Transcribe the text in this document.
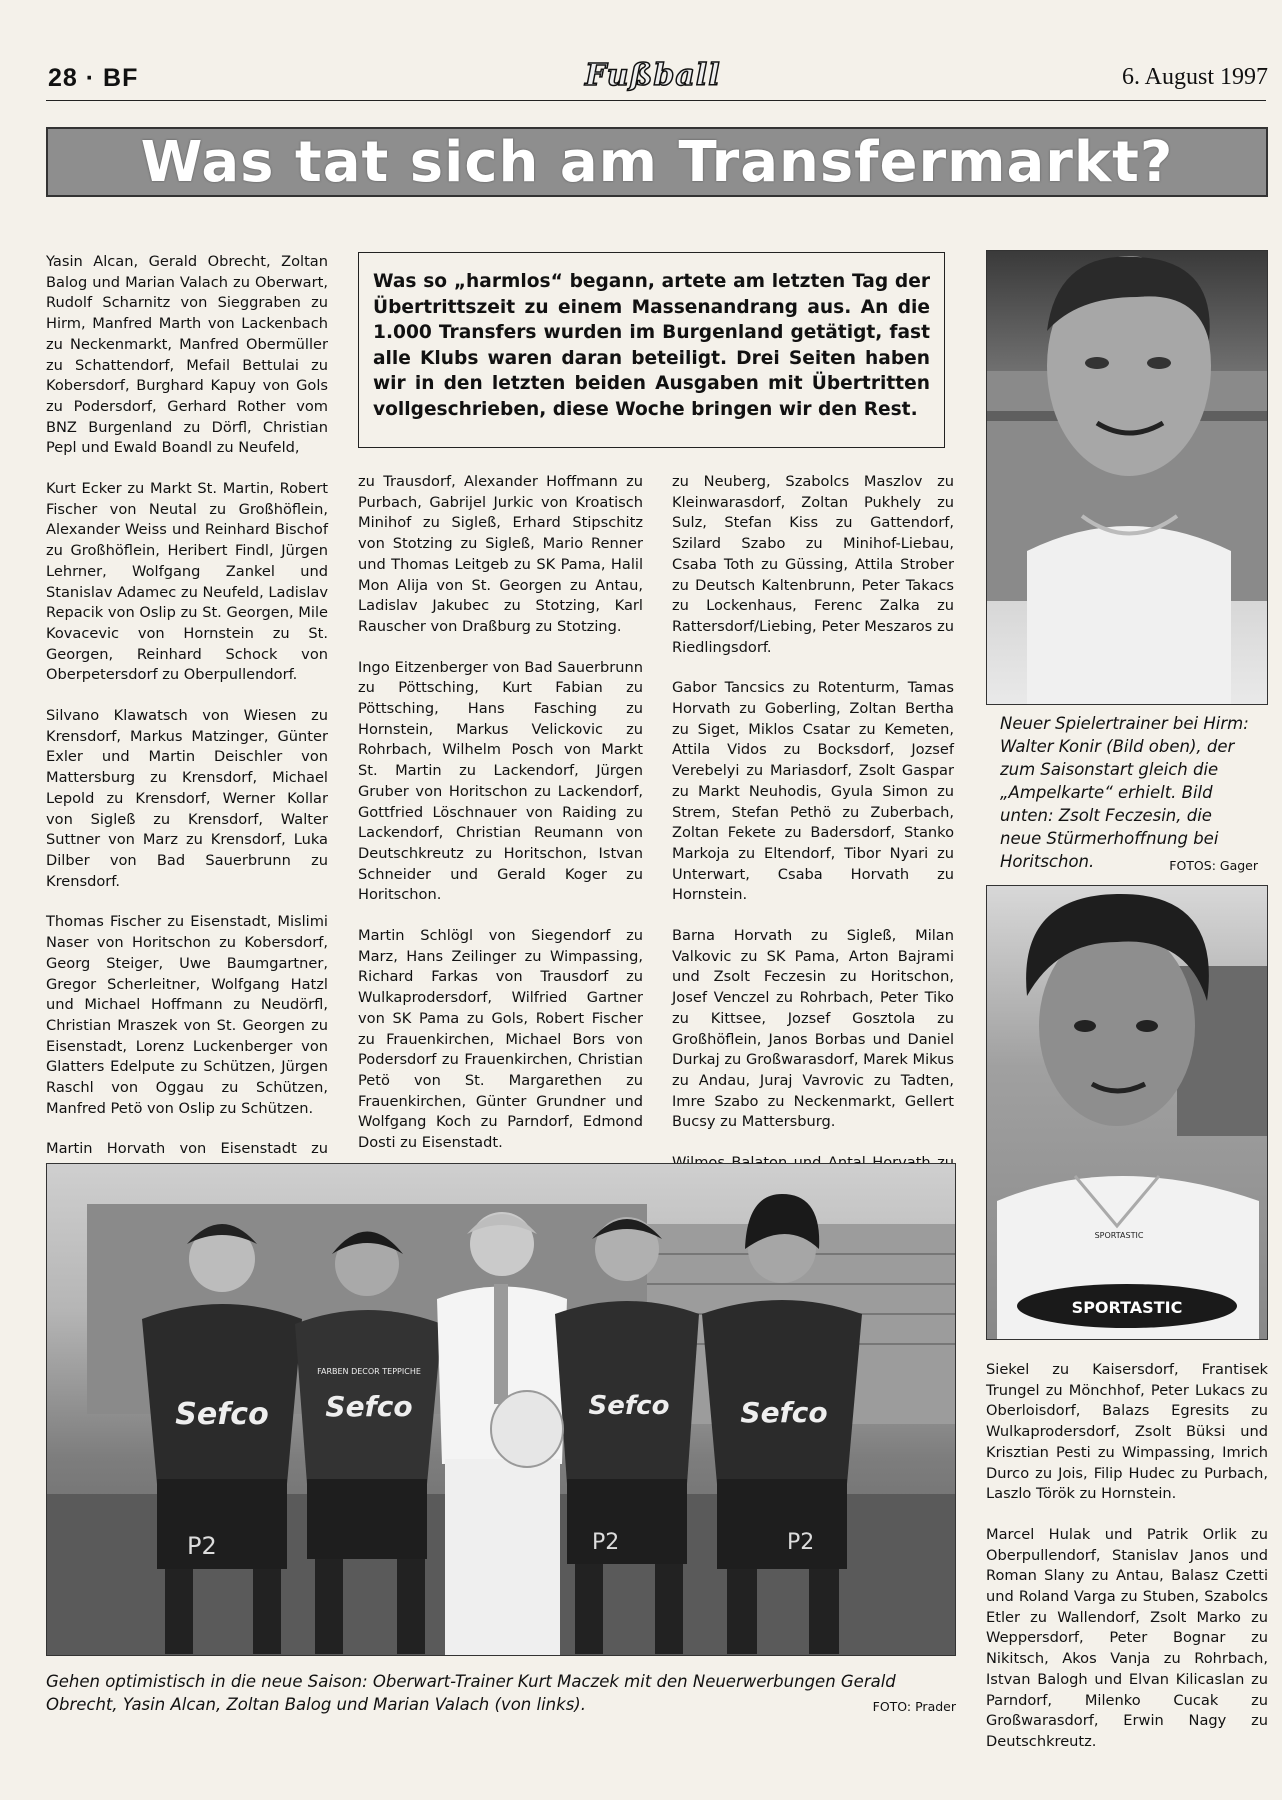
28 · BF	Fußball	6. August 1997
Was tat sich am Transfermarkt?

Yasin Alcan, Gerald Obrecht, Zoltan Balog und Marian Valach zu Oberwart, Rudolf Scharnitz von Sieggraben zu Hirm, Manfred Marth von Lackenbach zu Neckenmarkt, Manfred Obermüller zu Schattendorf, Mefail Bettulai zu Kobersdorf, Burghard Kapuy von Gols zu Podersdorf, Gerhard Rother vom BNZ Burgenland zu Dörfl, Christian Pepl und Ewald Boandl zu Neufeld,

Kurt Ecker zu Markt St. Martin, Robert Fischer von Neutal zu Großhöflein, Alexander Weiss und Reinhard Bischof zu Großhöflein, Heribert Findl, Jürgen Lehrner, Wolfgang Zankel und Stanislav Adamec zu Neufeld, Ladislav Repacik von Oslip zu St. Georgen, Mile Kovacevic von Hornstein zu St. Georgen, Reinhard Schock von Oberpetersdorf zu Oberpullendorf.

Silvano Klawatsch von Wiesen zu Krensdorf, Markus Matzinger, Günter Exler und Martin Deischler von Mattersburg zu Krensdorf, Michael Lepold zu Krensdorf, Werner Kollar von Sigleß zu Krensdorf, Walter Suttner von Marz zu Krensdorf, Luka Dilber von Bad Sauerbrunn zu Krensdorf.

Thomas Fischer zu Eisenstadt, Mislimi Naser von Horitschon zu Kobersdorf, Georg Steiger, Uwe Baumgartner, Gregor Scherleitner, Wolfgang Hatzl und Michael Hoffmann zu Neudörfl, Christian Mraszek von St. Georgen zu Eisenstadt, Lorenz Luckenberger von Glatters Edelpute zu Schützen, Jürgen Raschl von Oggau zu Schützen, Manfred Petö von Oslip zu Schützen.

Martin Horvath von Eisenstadt zu

Was so „harmlos“ begann, artete am letzten Tag der Übertrittszeit zu einem Massenandrang aus. An die 1.000 Transfers wurden im Burgenland getätigt, fast alle Klubs waren daran beteiligt. Drei Seiten haben wir in den letzten beiden Ausgaben mit Übertritten vollgeschrieben, diese Woche bringen wir den Rest.

zu Trausdorf, Alexander Hoffmann zu Purbach, Gabrijel Jurkic von Kroatisch Minihof zu Sigleß, Erhard Stipschitz von Stotzing zu Sigleß, Mario Renner und Thomas Leitgeb zu SK Pama, Halil Mon Alija von St. Georgen zu Antau, Ladislav Jakubec zu Stotzing, Karl Rauscher von Draßburg zu Stotzing.

Ingo Eitzenberger von Bad Sauerbrunn zu Pöttsching, Kurt Fabian zu Pöttsching, Hans Fasching zu Hornstein, Markus Velickovic zu Rohrbach, Wilhelm Posch von Markt St. Martin zu Lackendorf, Jürgen Gruber von Horitschon zu Lackendorf, Gottfried Löschnauer von Raiding zu Lackendorf, Christian Reumann von Deutschkreutz zu Horitschon, Istvan Schneider und Gerald Koger zu Horitschon.

Martin Schlögl von Siegendorf zu Marz, Hans Zeilinger zu Wimpassing, Richard Farkas von Trausdorf zu Wulkaprodersdorf, Wilfried Gartner von SK Pama zu Gols, Robert Fischer zu Frauenkirchen, Michael Bors von Podersdorf zu Frauenkirchen, Christian Petö von St. Margarethen zu Frauenkirchen, Günter Grundner und Wolfgang Koch zu Parndorf, Edmond Dosti zu Eisenstadt.

zu Neuberg, Szabolcs Maszlov zu Kleinwarasdorf, Zoltan Pukhely zu Sulz, Stefan Kiss zu Gattendorf, Szilard Szabo zu Minihof-Liebau, Csaba Toth zu Güssing, Attila Strober zu Deutsch Kaltenbrunn, Peter Takacs zu Lockenhaus, Ferenc Zalka zu Rattersdorf/Liebing, Peter Meszaros zu Riedlingsdorf.

Gabor Tancsics zu Rotenturm, Tamas Horvath zu Goberling, Zoltan Bertha zu Siget, Miklos Csatar zu Kemeten, Attila Vidos zu Bocksdorf, Jozsef Verebelyi zu Mariasdorf, Zsolt Gaspar zu Markt Neuhodis, Gyula Simon zu Strem, Stefan Pethö zu Zuberbach, Zoltan Fekete zu Badersdorf, Stanko Markoja zu Eltendorf, Tibor Nyari zu Unterwart, Csaba Horvath zu Hornstein.

Barna Horvath zu Sigleß, Milan Valkovic zu SK Pama, Arton Bajrami und Zsolt Feczesin zu Horitschon, Josef Venczel zu Rohrbach, Peter Tiko zu Kittsee, Jozsef Gosztola zu Großhöflein, Janos Borbas und Daniel Durkaj zu Großwarasdorf, Marek Mikus zu Andau, Juraj Vavrovic zu Tadten, Imre Szabo zu Neckenmarkt, Gellert Bucsy zu Mattersburg.

Neuer Spielertrainer bei Hirm: Walter Konir (Bild oben), der zum Saisonstart gleich die „Ampelkarte“ erhielt. Bild unten: Zsolt Feczesin, die neue Stürmerhoffnung bei Horitschon.	FOTOS: Gager
SPORTASTIC
SPORTASTIC

Siekel zu Kaisersdorf, Frantisek Trungel zu Mönchhof, Peter Lukacs zu Oberloisdorf, Balazs Egresits zu Wulkaprodersdorf, Zsolt Büksi und Krisztian Pesti zu Wimpassing, Imrich Durco zu Jois, Filip Hudec zu Purbach, Laszlo Török zu Hornstein.

Marcel Hulak und Patrik Orlik zu Oberpullendorf, Stanislav Janos und Roman Slany zu Antau, Balasz Czetti und Roland Varga zu Stuben, Szabolcs Etler zu Wallendorf, Zsolt Marko zu Weppersdorf, Peter Bognar zu Nikitsch, Akos Vanja zu Rohrbach, Istvan Balogh und Elvan Kilicaslan zu Parndorf, Milenko Cucak zu Großwarasdorf, Erwin Nagy zu Deutschkreutz.

Sefco
P2
Sefco
FARBEN DECOR TEPPICHE
Sefco
P2
Sefco
P2
Gehen optimistisch in die neue Saison: Oberwart-Trainer Kurt Maczek mit den Neuerwerbungen Gerald Obrecht, Yasin Alcan, Zoltan Balog und Marian Valach (von links).	FOTO: Prader
